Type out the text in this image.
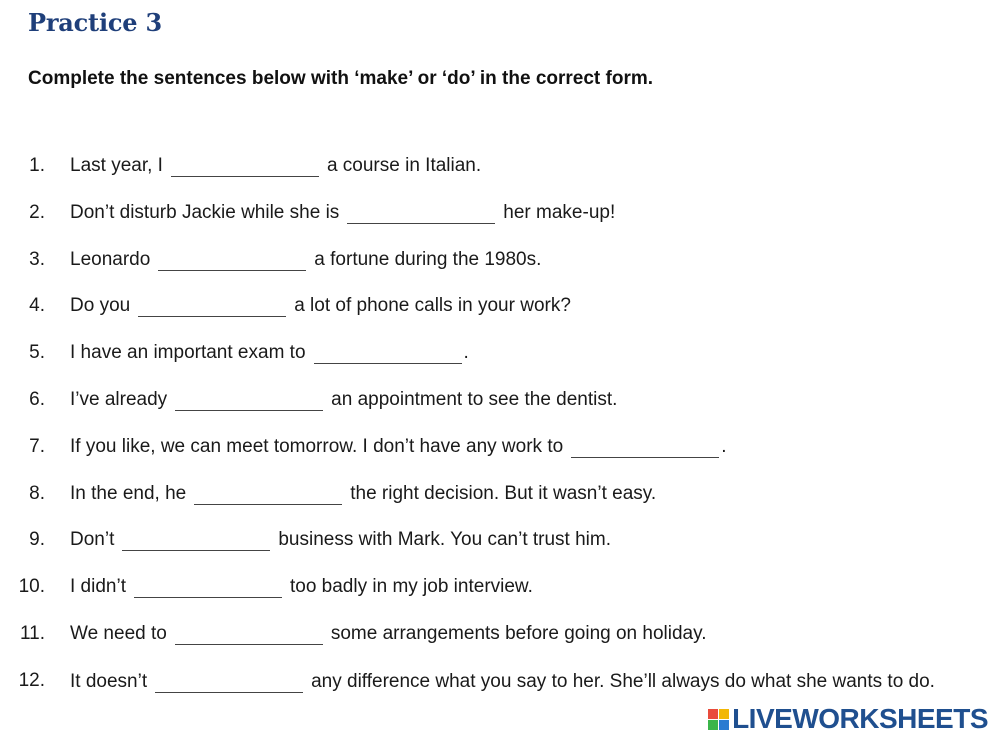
Practice 3
Complete the sentences below with ‘make’ or ‘do’ in the correct form.
1. Last year, I	a course in Italian.
2. Don’t disturb Jackie while she is	her make-up!
3. Leonardo	a fortune during the 1980s.
4. Do you	a lot of phone calls in your work?
5. I have an important exam to	.
6. I’ve already	an appointment to see the dentist.
7. If you like, we can meet tomorrow. I don’t have any work to	.
8. In the end, he	the right decision. But it wasn’t easy.
9. Don’t	business with Mark. You can’t trust him.
10. I didn’t	too badly in my job interview.
11. We need to	some arrangements before going on holiday.
12. It doesn’t	any difference what you say to her. She’ll always do what she wants to do.
LIVEWORKSHEETS
